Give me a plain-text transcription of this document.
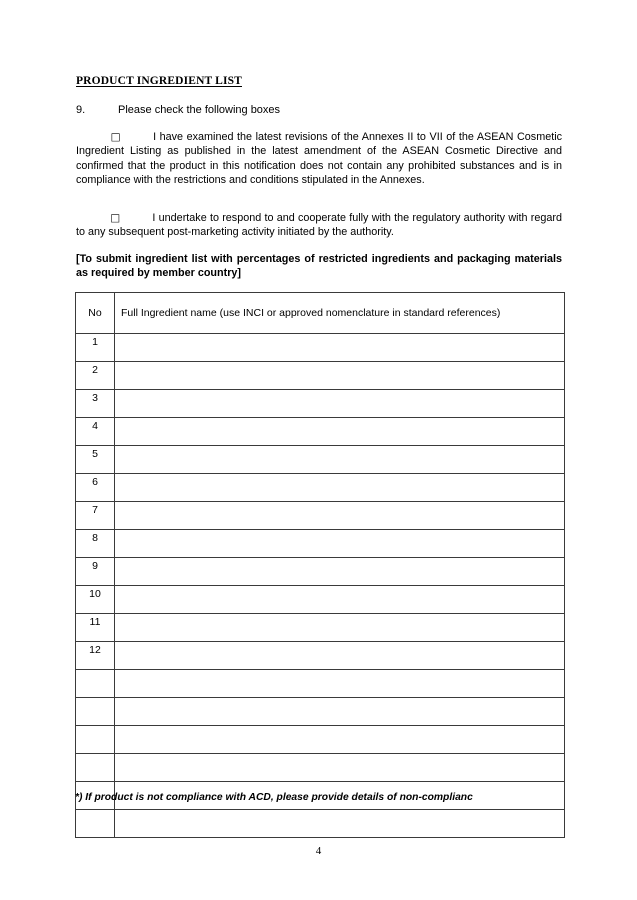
PRODUCT INGREDIENT LIST
9.	Please check the following boxes
□	I have examined the latest revisions of the Annexes II to VII of the ASEAN Cosmetic Ingredient Listing as published in the latest amendment of the ASEAN Cosmetic Directive and confirmed that the product in this notification does not contain any prohibited substances and is in compliance with the restrictions and conditions stipulated in the Annexes.
□	I undertake to respond to and cooperate fully with the regulatory authority with regard to any subsequent post-marketing activity initiated by the authority.
[To submit ingredient list with percentages of restricted ingredients and packaging materials as required by member country]
No	Full Ingredient name (use INCI or approved nomenclature in standard references)
1	
2	
3	
4	
5	
6	
7	
8	
9	
10	
11	
12	

*) If product is not compliance with ACD, please provide details of non-complianc
4
